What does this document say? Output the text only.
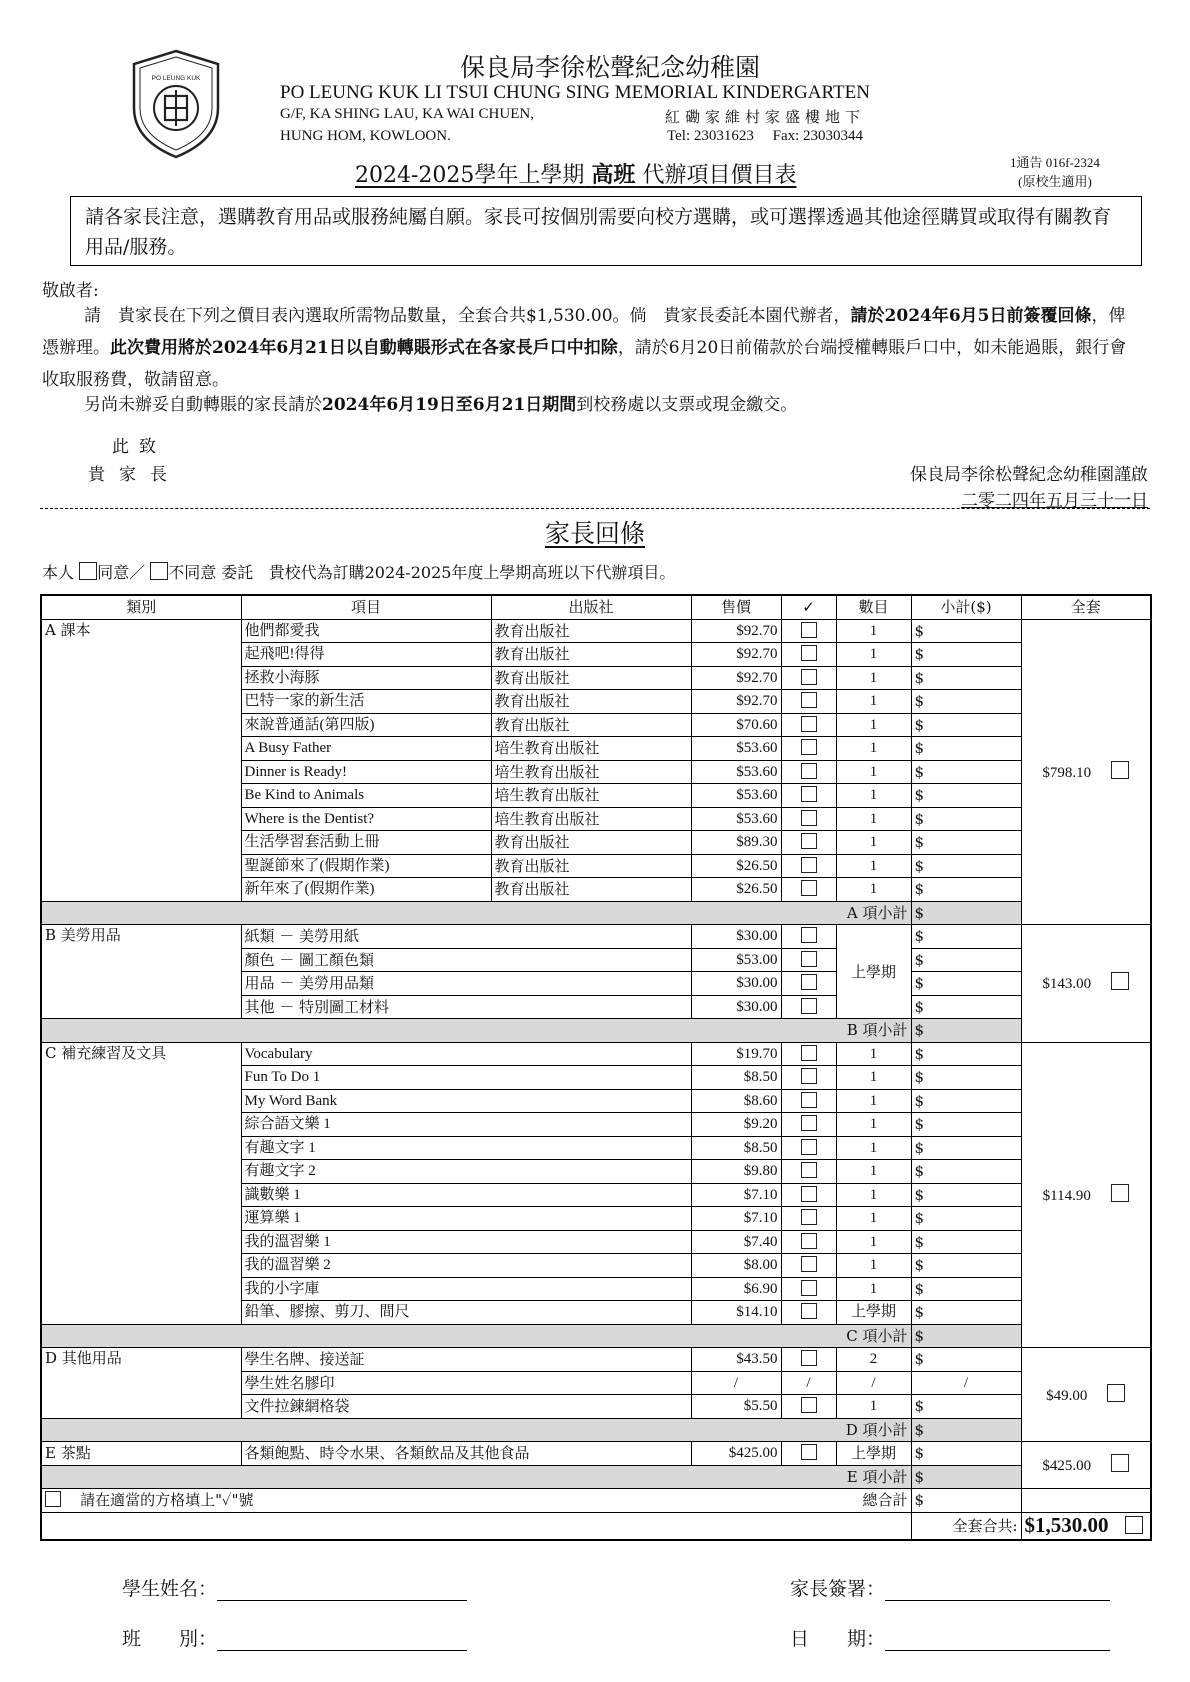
PO LEUNG KUK	保良局李徐松聲紀念幼稚園
PO LEUNG KUK LI TSUI CHUNG SING MEMORIAL KINDERGARTEN
G/F, KA SHING LAU, KA WAI CHUEN,
HUNG HOM, KOWLOON.
紅磡家維村家盛樓地下
Tel: 23031623     Fax: 23030344
2024-2025學年上學期 高班 代辦項目價目表
1通告 016f-2324
(原校生適用)
請各家長注意，選購教育用品或服務純屬自願。家長可按個別需要向校方選購，或可選擇透過其他途徑購買或取得有關教育用品/服務。
敬啟者:
請　貴家長在下列之價目表內選取所需物品數量，全套合共$1,530.00。倘　貴家長委託本園代辦者，請於2024年6月5日前簽覆回條，俾憑辦理。此次費用將於2024年6月21日以自動轉賬形式在各家長戶口中扣除，請於6月20日前備款於台端授權轉賬戶口中，如未能過賬，銀行會收取服務費，敬請留意。
另尚未辦妥自動轉賬的家長請於2024年6月19日至6月21日期間到校務處以支票或現金繳交。
此致
貴家長	保良局李徐松聲紀念幼稚園謹啟
二零二四年五月三十一日
家長回條
本人 同意／ 不同意 委託 貴校代為訂購2024-2025年度上學期高班以下代辦項目。
類別	項目	出版社	售價	✓	數目	小計($)	全套
A 課本	他們都愛我	教育出版社	$92.70		1	$	$798.10
	起飛吧!得得	教育出版社	$92.70		1	$	
	拯救小海豚	教育出版社	$92.70		1	$	
	巴特一家的新生活	教育出版社	$92.70		1	$	
	來說普通話(第四版)	教育出版社	$70.60		1	$	
	A Busy Father	培生教育出版社	$53.60		1	$	
	Dinner is Ready!	培生教育出版社	$53.60		1	$	
	Be Kind to Animals	培生教育出版社	$53.60		1	$	
	Where is the Dentist?	培生教育出版社	$53.60		1	$	
	生活學習套活動上冊	教育出版社	$89.30		1	$	
	聖誕節來了(假期作業)	教育出版社	$26.50		1	$	
	新年來了(假期作業)	教育出版社	$26.50		1	$	
A 項小計						$	
B 美勞用品	紙類 － 美勞用紙		$30.00		上學期	$	$143.00
	顏色 － 圖工顏色類		$53.00			$	
	用品 － 美勞用品類		$30.00			$	
	其他 － 特別圖工材料		$30.00			$	
B 項小計						$	
C 補充練習及文具	Vocabulary		$19.70		1	$	$114.90
	Fun To Do 1		$8.50		1	$	
	My Word Bank		$8.60		1	$	
	綜合語文樂 1		$9.20		1	$	
	有趣文字 1		$8.50		1	$	
	有趣文字 2		$9.80		1	$	
	識數樂 1		$7.10		1	$	
	運算樂 1		$7.10		1	$	
	我的溫習樂 1		$7.40		1	$	
	我的溫習樂 2		$8.00		1	$	
	我的小字庫		$6.90		1	$	
	鉛筆、膠擦、剪刀、間尺		$14.10		上學期	$	
C 項小計						$	
D 其他用品	學生名牌、接送証		$43.50		2	$	$49.00
	學生姓名膠印		/	/	/	/	
	文件拉鍊網格袋		$5.50		1	$	
D 項小計						$	
E 茶點	各類飽點、時令水果、各類飲品及其他食品		$425.00		上學期	$	$425.00
E 項小計						$	

請在適當的方格填上"✓"號 總合計						$	
						全套合共:	$1,530.00
學生姓名：	家長簽署：
班　　別：	日　　期：
